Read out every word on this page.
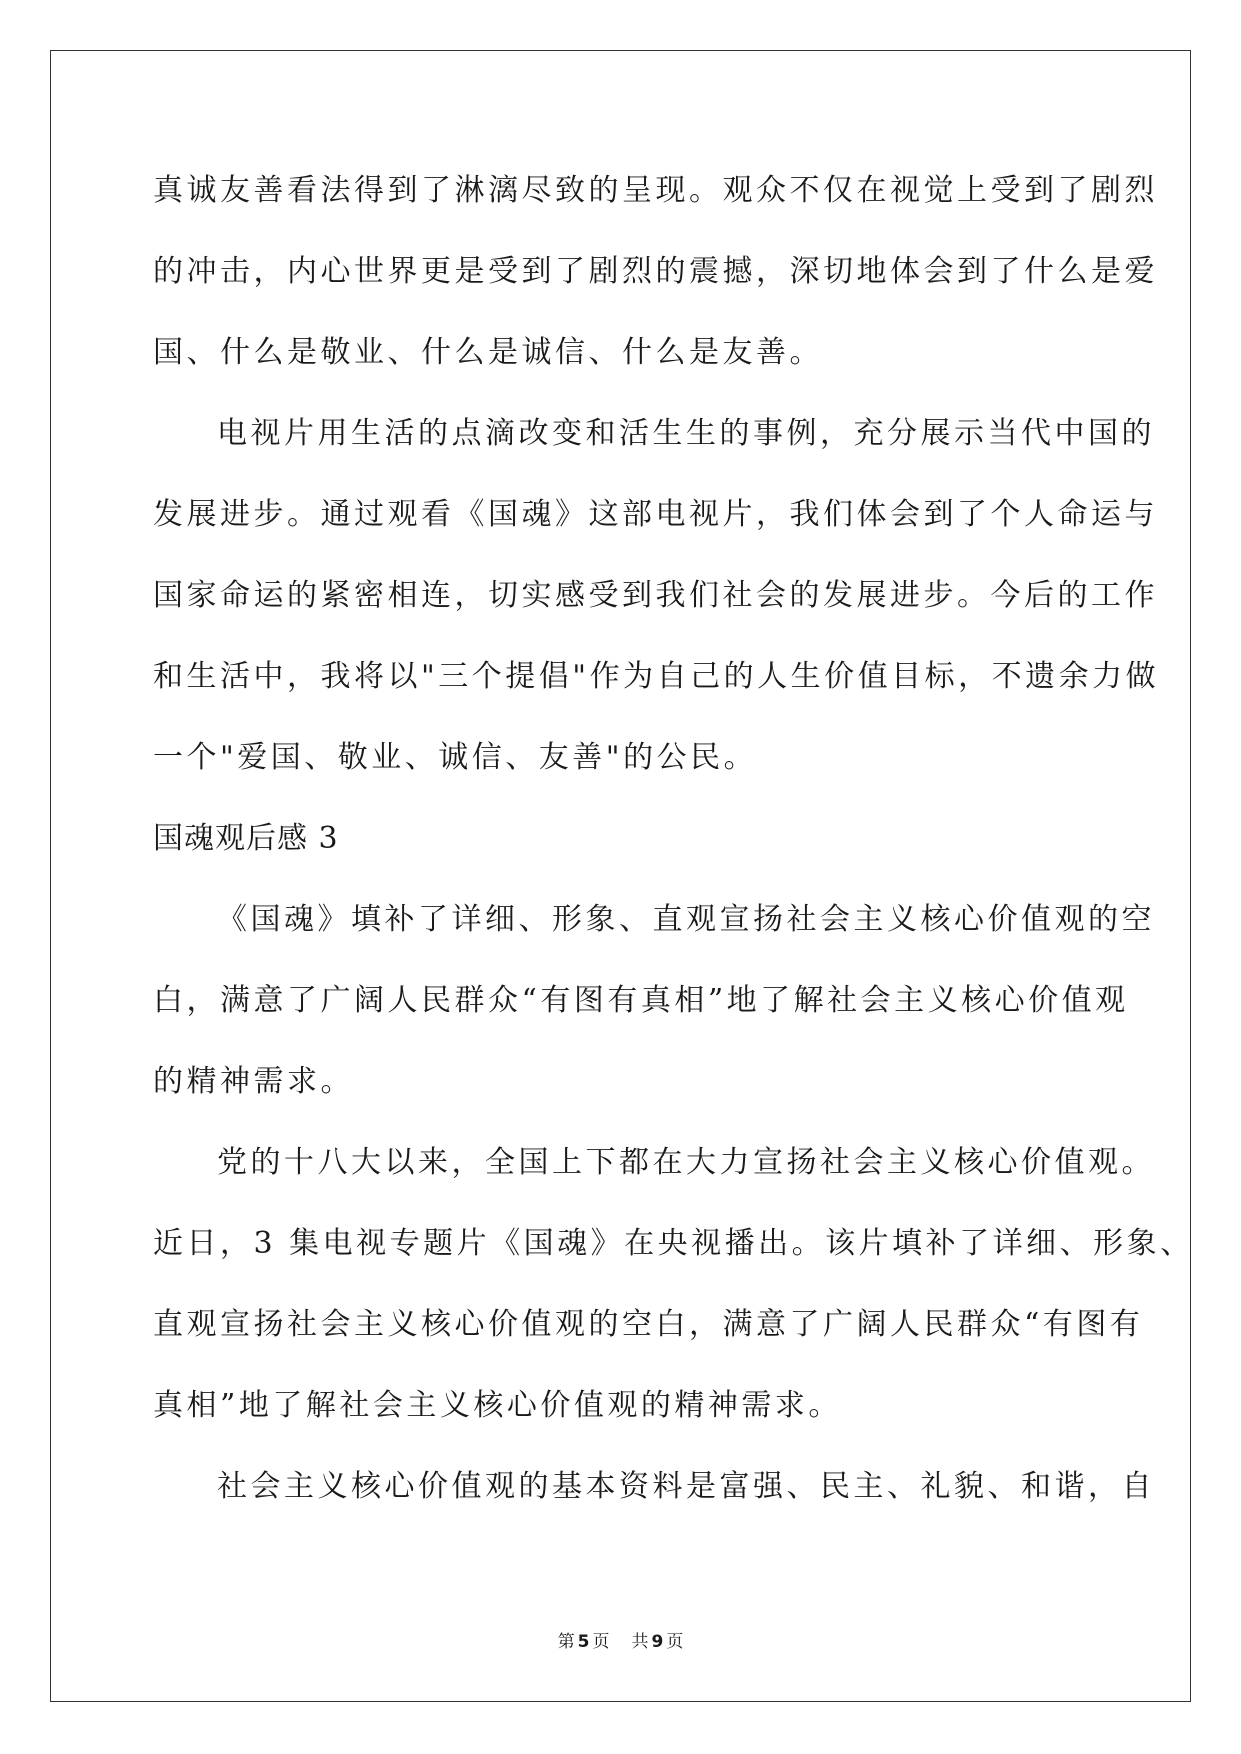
真诚友善看法得到了淋漓尽致的呈现。观众不仅在视觉上受到了剧烈
的冲击，内心世界更是受到了剧烈的震撼，深切地体会到了什么是爱
国、什么是敬业、什么是诚信、什么是友善。
电视片用生活的点滴改变和活生生的事例，充分展示当代中国的
发展进步。通过观看《国魂》这部电视片，我们体会到了个人命运与
国家命运的紧密相连，切实感受到我们社会的发展进步。今后的工作
和生活中，我将以"三个提倡"作为自己的人生价值目标，不遗余力做
一个"爱国、敬业、诚信、友善"的公民。
国魂观后感 3
《国魂》填补了详细、形象、直观宣扬社会主义核心价值观的空
白，满意了广阔人民群众“有图有真相”地了解社会主义核心价值观
的精神需求。
党的十八大以来，全国上下都在大力宣扬社会主义核心价值观。
近日，3 集电视专题片《国魂》在央视播出。该片填补了详细、形象、
直观宣扬社会主义核心价值观的空白，满意了广阔人民群众“有图有
真相”地了解社会主义核心价值观的精神需求。
社会主义核心价值观的基本资料是富强、民主、礼貌、和谐，自
第 5 页 共 9 页
